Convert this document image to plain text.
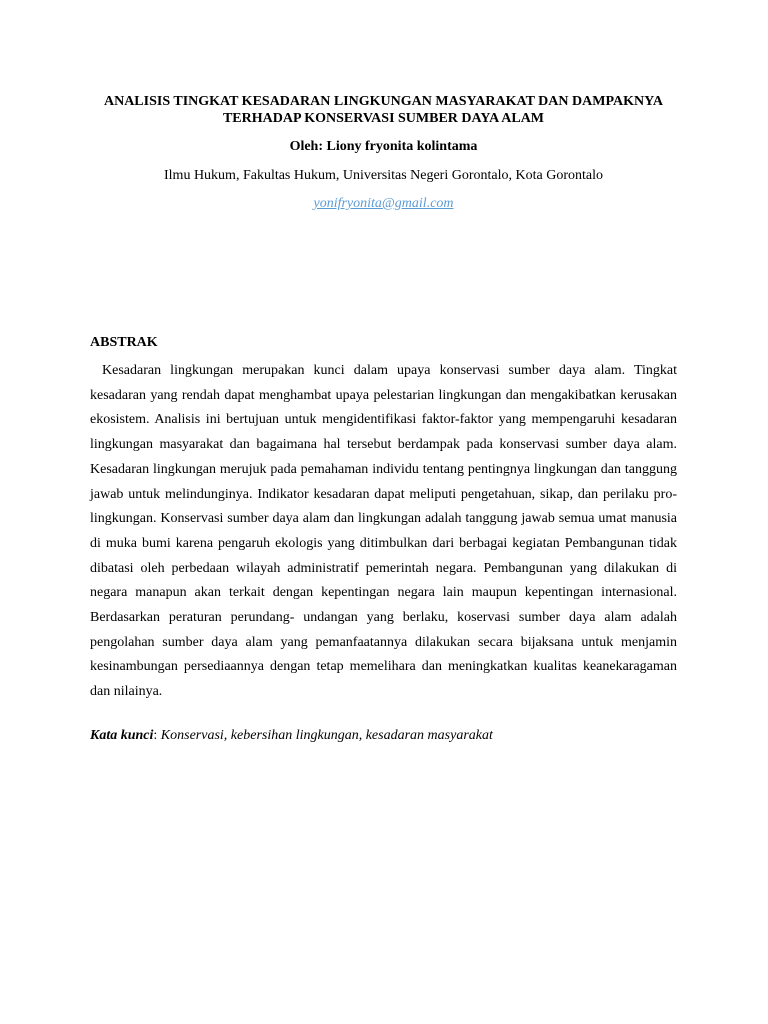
ANALISIS TINGKAT KESADARAN LINGKUNGAN MASYARAKAT DAN DAMPAKNYA
TERHADAP KONSERVASI SUMBER DAYA ALAM

Oleh: Liony fryonita kolintama

Ilmu Hukum, Fakultas Hukum, Universitas Negeri Gorontalo, Kota Gorontalo

yonifryonita@gmail.com

ABSTRAK

Kesadaran lingkungan merupakan kunci dalam upaya konservasi sumber daya alam. Tingkat kesadaran yang rendah dapat menghambat upaya pelestarian lingkungan dan mengakibatkan kerusakan ekosistem. Analisis ini bertujuan untuk mengidentifikasi faktor-faktor yang mempengaruhi kesadaran lingkungan masyarakat dan bagaimana hal tersebut berdampak pada konservasi sumber daya alam. Kesadaran lingkungan merujuk pada pemahaman individu tentang pentingnya lingkungan dan tanggung jawab untuk melindunginya. Indikator kesadaran dapat meliputi pengetahuan, sikap, dan perilaku pro-lingkungan. Konservasi sumber daya alam dan lingkungan adalah tanggung jawab semua umat manusia di muka bumi karena pengaruh ekologis yang ditimbulkan dari berbagai kegiatan Pembangunan tidak dibatasi oleh perbedaan wilayah administratif pemerintah negara. Pembangunan yang dilakukan di negara manapun akan terkait dengan kepentingan negara lain maupun kepentingan internasional. Berdasarkan peraturan perundang- undangan yang berlaku, koservasi sumber daya alam adalah pengolahan sumber daya alam yang pemanfaatannya dilakukan secara bijaksana untuk menjamin kesinambungan persediaannya dengan tetap memelihara dan meningkatkan kualitas keanekaragaman dan nilainya.

Kata kunci: Konservasi, kebersihan lingkungan, kesadaran masyarakat
